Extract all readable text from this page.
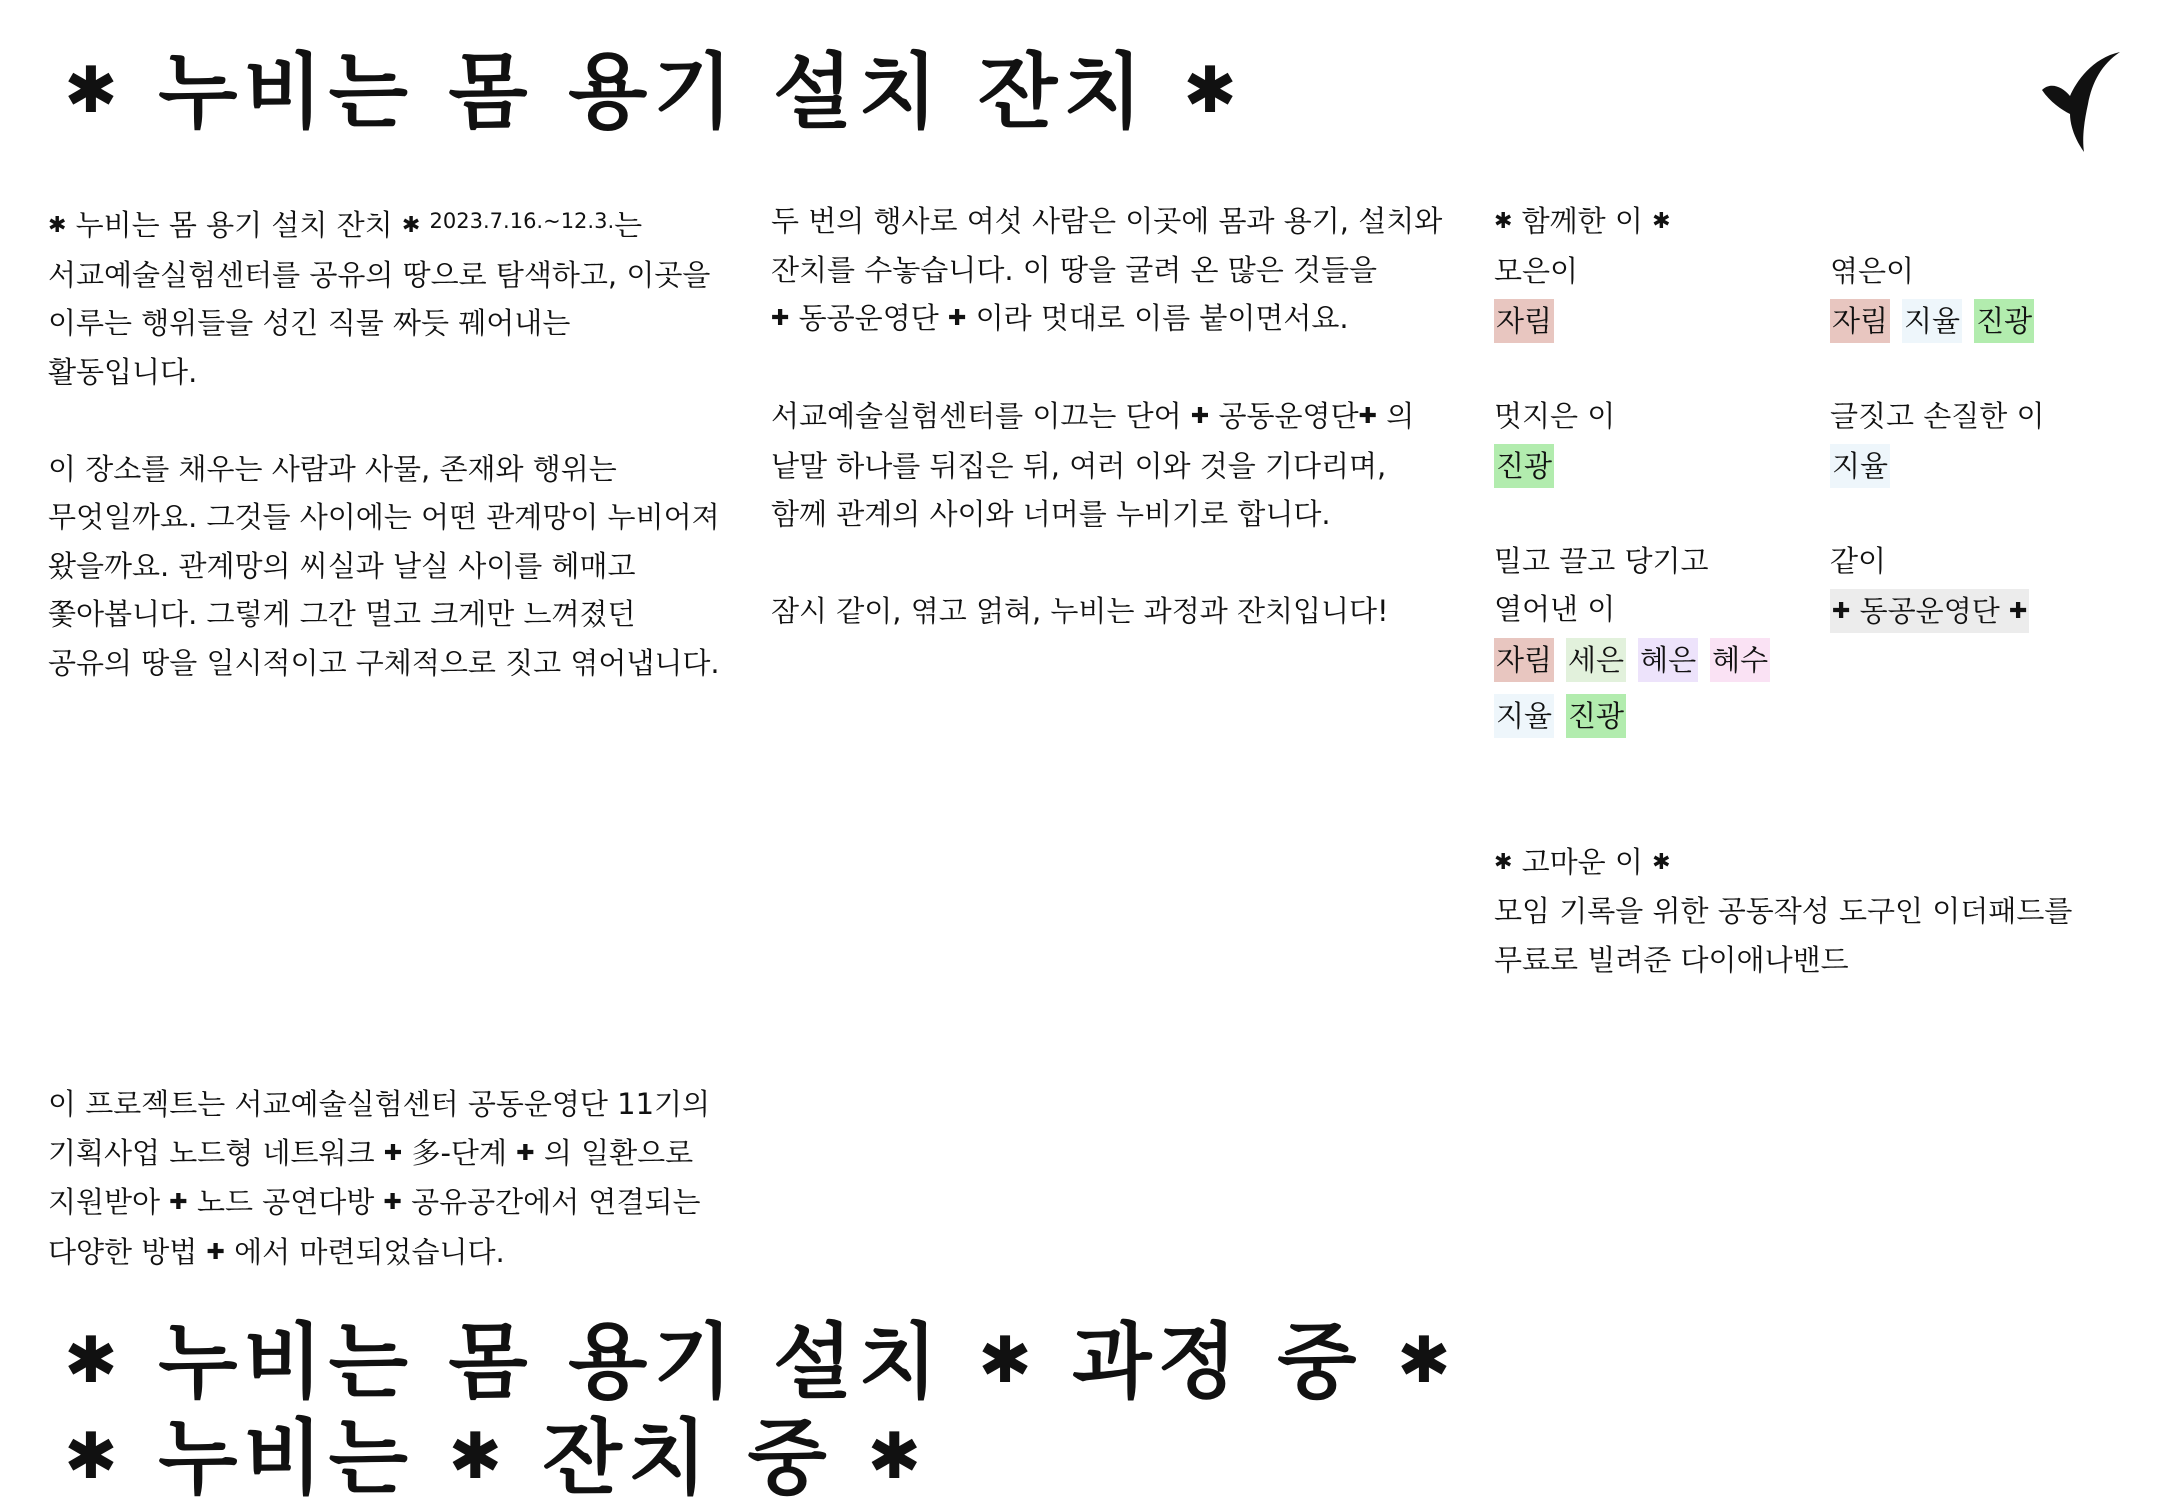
✱ 누비는 몸 용기 설치 잔치 ✱

✱ 누비는 몸 용기 설치 잔치 ✱ $^{2023.7.16.\sim 12.3.}$는

서교예술실험센터를 공유의 땅으로 탐색하고, 이곳을

이루는 행위들을 성긴 직물 짜듯 꿰어내는

활동입니다.

이 장소를 채우는 사람과 사물, 존재와 행위는

무엇일까요. 그것들 사이에는 어떤 관계망이 누비어져

왔을까요. 관계망의 씨실과 날실 사이를 헤매고

쫓아봅니다. 그렇게 그간 멀고 크게만 느껴졌던

공유의 땅을 일시적이고 구체적으로 짓고 엮어냅니다.

두 번의 행사로 여섯 사람은 이곳에 몸과 용기, 설치와

잔치를 수놓습니다. 이 땅을 굴려 온 많은 것들을

✚ 동공운영단 ✚ 이라 멋대로 이름 붙이면서요.

서교예술실험센터를 이끄는 단어 ✚ 공동운영단✚ 의

낱말 하나를 뒤집은 뒤, 여러 이와 것을 기다리며,

함께 관계의 사이와 너머를 누비기로 합니다.

잠시 같이, 엮고 얽혀, 누비는 과정과 잔치입니다!

✱ 함께한 이 ✱
모은이
자림
엮은이
자림 지율 진광
멋지은 이
진광
글짓고 손질한 이
지율
밀고 끌고 당기고
열어낸 이
자림 세은 혜은 혜수
지율 진광
같이
✚ 동공운영단 ✚

✱ 고마운 이 ✱

모임 기록을 위한 공동작성 도구인 이더패드를

무료로 빌려준 다이애나밴드

이 프로젝트는 서교예술실험센터 공동운영단 11기의

기획사업 노드형 네트워크 ✚ 多-단계 ✚ 의 일환으로

지원받아 ✚ 노드 공연다방 ✚ 공유공간에서 연결되는

다양한 방법 ✚ 에서 마련되었습니다.

✱ 누비는 몸 용기 설치 ✱ 과정 중 ✱
✱ 누비는 ✱ 잔치 중 ✱
